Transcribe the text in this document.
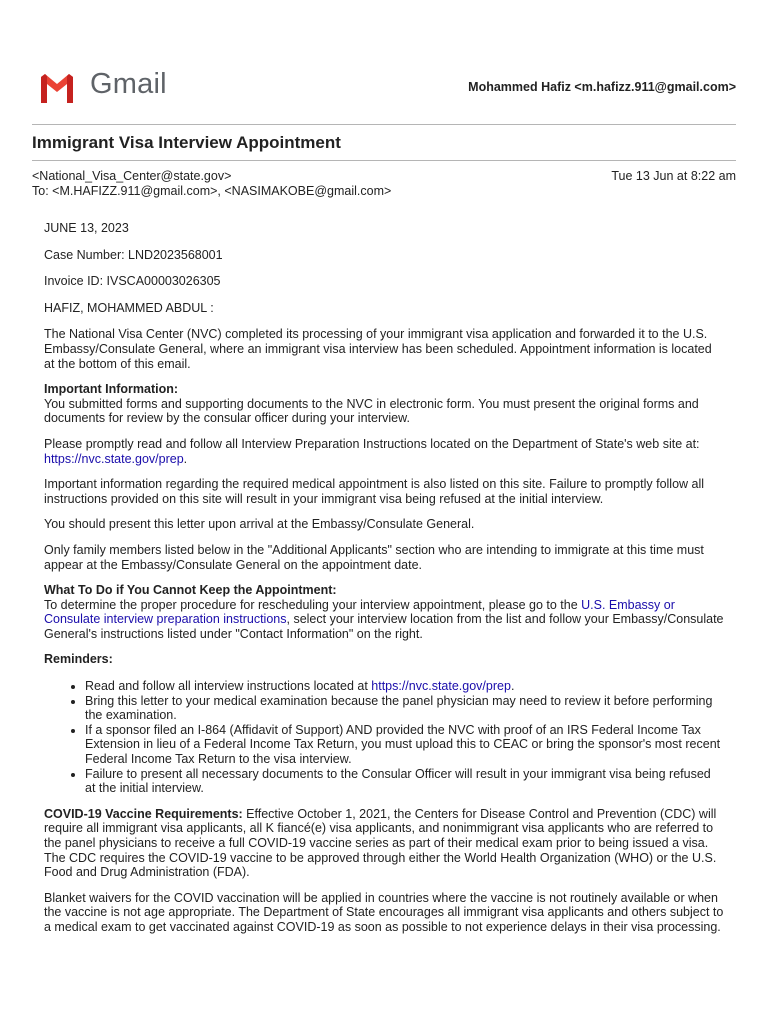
Gmail	Mohammed Hafiz <m.hafizz.911@gmail.com>
Immigrant Visa Interview Appointment
<National_Visa_Center@state.gov>
To: <M.HAFIZZ.911@gmail.com>, <NASIMAKOBE@gmail.com>
Tue 13 Jun at 8:22 am

JUNE 13, 2023

Case Number: LND2023568001

Invoice ID: IVSCA00003026305

HAFIZ, MOHAMMED ABDUL :

The National Visa Center (NVC) completed its processing of your immigrant visa application and forwarded it to the U.S. Embassy/Consulate General, where an immigrant visa interview has been scheduled. Appointment information is located at the bottom of this email.

Important Information:
You submitted forms and supporting documents to the NVC in electronic form. You must present the original forms and documents for review by the consular officer during your interview.

Please promptly read and follow all Interview Preparation Instructions located on the Department of State's web site at: https://nvc.state.gov/prep.

Important information regarding the required medical appointment is also listed on this site. Failure to promptly follow all instructions provided on this site will result in your immigrant visa being refused at the initial interview.

You should present this letter upon arrival at the Embassy/Consulate General.

Only family members listed below in the "Additional Applicants" section who are intending to immigrate at this time must appear at the Embassy/Consulate General on the appointment date.

What To Do if You Cannot Keep the Appointment:
To determine the proper procedure for rescheduling your interview appointment, please go to the U.S. Embassy or Consulate interview preparation instructions, select your interview location from the list and follow your Embassy/Consulate General's instructions listed under "Contact Information" on the right.

Reminders:

• Read and follow all interview instructions located at https://nvc.state.gov/prep.
• Bring this letter to your medical examination because the panel physician may need to review it before performing the examination.
• If a sponsor filed an I-864 (Affidavit of Support) AND provided the NVC with proof of an IRS Federal Income Tax Extension in lieu of a Federal Income Tax Return, you must upload this to CEAC or bring the sponsor's most recent Federal Income Tax Return to the visa interview.
• Failure to present all necessary documents to the Consular Officer will result in your immigrant visa being refused at the initial interview.

COVID-19 Vaccine Requirements: Effective October 1, 2021, the Centers for Disease Control and Prevention (CDC) will require all immigrant visa applicants, all K fiancé(e) visa applicants, and nonimmigrant visa applicants who are referred to the panel physicians to receive a full COVID-19 vaccine series as part of their medical exam prior to being issued a visa. The CDC requires the COVID-19 vaccine to be approved through either the World Health Organization (WHO) or the U.S. Food and Drug Administration (FDA).

Blanket waivers for the COVID vaccination will be applied in countries where the vaccine is not routinely available or when the vaccine is not age appropriate. The Department of State encourages all immigrant visa applicants and others subject to a medical exam to get vaccinated against COVID-19 as soon as possible to not experience delays in their visa processing.
